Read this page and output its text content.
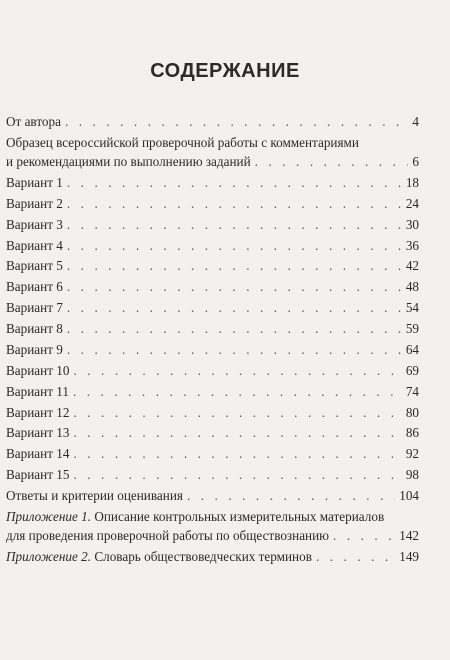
СОДЕРЖАНИЕ
От автора . . .	4
Образец всероссийской проверочной работы с комментариями
и рекомендациями по выполнению заданий . . .	6
Вариант 1 . . .	18
Вариант 2 . . .	24
Вариант 3 . . .	30
Вариант 4 . . .	36
Вариант 5 . . .	42
Вариант 6 . . .	48
Вариант 7 . . .	54
Вариант 8 . . .	59
Вариант 9 . . .	64
Вариант 10 . . .	69
Вариант 11 . . .	74
Вариант 12 . . .	80
Вариант 13 . . .	86
Вариант 14 . . .	92
Вариант 15 . . .	98
Ответы и критерии оценивания . . .	104
Приложение 1. Описание контрольных измерительных материалов
для проведения проверочной работы по обществознанию . . .	142
Приложение 2. Словарь обществоведческих терминов . . .	149
